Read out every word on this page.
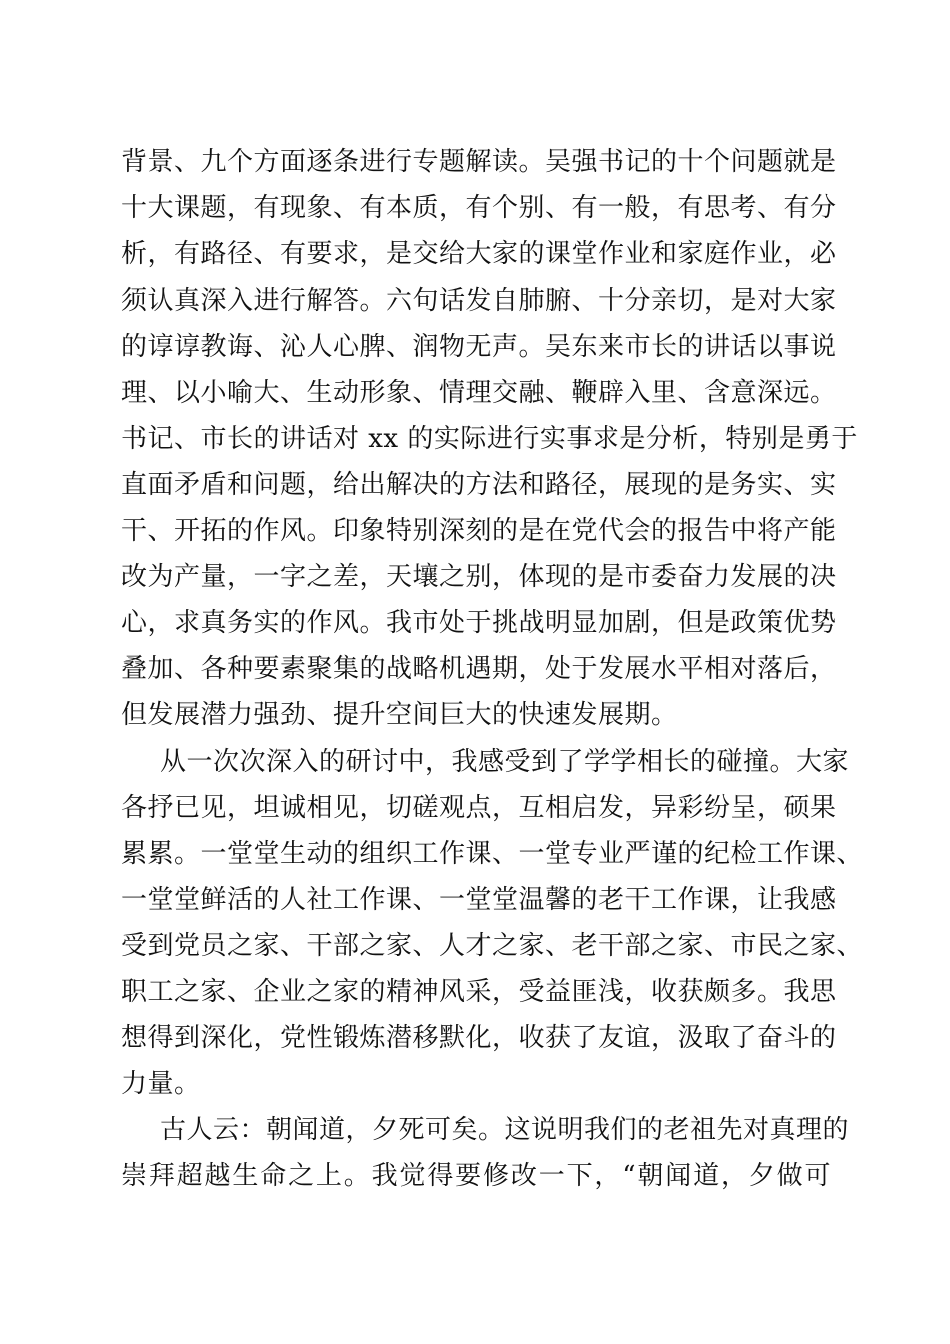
背景、九个方面逐条进行专题解读。吴强书记的十个问题就是

十大课题，有现象、有本质，有个别、有一般，有思考、有分

析，有路径、有要求，是交给大家的课堂作业和家庭作业，必

须认真深入进行解答。六句话发自肺腑、十分亲切，是对大家

的谆谆教诲、沁人心脾、润物无声。吴东来市长的讲话以事说

理、以小喻大、生动形象、情理交融、鞭辟入里、含意深远。

书记、市长的讲话对 xx 的实际进行实事求是分析，特别是勇于

直面矛盾和问题，给出解决的方法和路径，展现的是务实、实

干、开拓的作风。印象特别深刻的是在党代会的报告中将产能

改为产量，一字之差，天壤之别，体现的是市委奋力发展的决

心，求真务实的作风。我市处于挑战明显加剧，但是政策优势

叠加、各种要素聚集的战略机遇期，处于发展水平相对落后，

但发展潜力强劲、提升空间巨大的快速发展期。

从一次次深入的研讨中，我感受到了学学相长的碰撞。大家

各抒已见，坦诚相见，切磋观点，互相启发，异彩纷呈，硕果

累累。一堂堂生动的组织工作课、一堂专业严谨的纪检工作课、

一堂堂鲜活的人社工作课、一堂堂温馨的老干工作课，让我感

受到党员之家、干部之家、人才之家、老干部之家、市民之家、

职工之家、企业之家的精神风采，受益匪浅，收获颇多。我思

想得到深化，党性锻炼潜移默化，收获了友谊，汲取了奋斗的

力量。

古人云：朝闻道，夕死可矣。这说明我们的老祖先对真理的

崇拜超越生命之上。我觉得要修改一下，“朝闻道，夕做可
